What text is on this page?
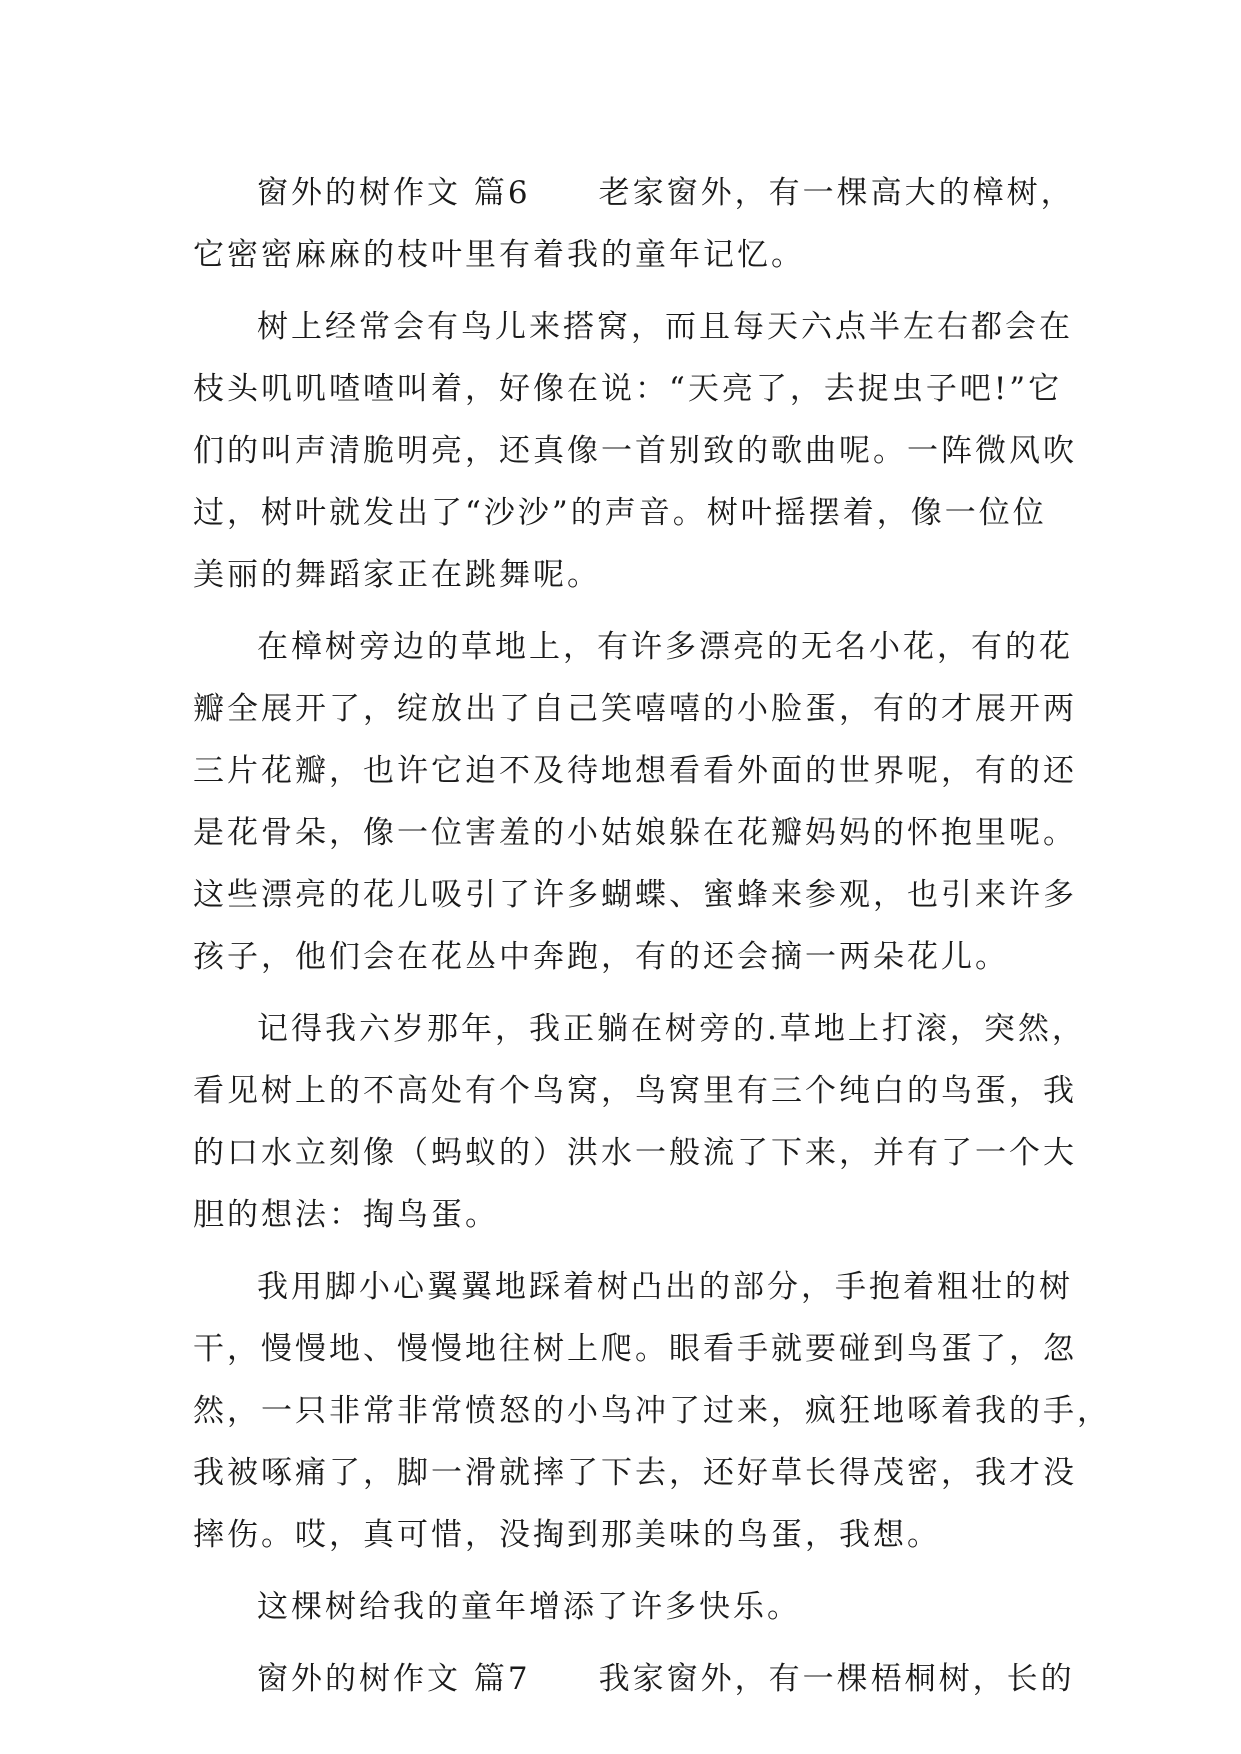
窗外的树作文 篇6　　老家窗外，有一棵高大的樟树，
它密密麻麻的枝叶里有着我的童年记忆。

树上经常会有鸟儿来搭窝，而且每天六点半左右都会在
枝头叽叽喳喳叫着，好像在说：“天亮了，去捉虫子吧!”它
们的叫声清脆明亮，还真像一首别致的歌曲呢。一阵微风吹
过，树叶就发出了“沙沙”的声音。树叶摇摆着，像一位位
美丽的舞蹈家正在跳舞呢。

在樟树旁边的草地上，有许多漂亮的无名小花，有的花
瓣全展开了，绽放出了自己笑嘻嘻的小脸蛋，有的才展开两
三片花瓣，也许它迫不及待地想看看外面的世界呢，有的还
是花骨朵，像一位害羞的小姑娘躲在花瓣妈妈的怀抱里呢。
这些漂亮的花儿吸引了许多蝴蝶、蜜蜂来参观，也引来许多
孩子，他们会在花丛中奔跑，有的还会摘一两朵花儿。

记得我六岁那年，我正躺在树旁的.草地上打滚，突然，
看见树上的不高处有个鸟窝，鸟窝里有三个纯白的鸟蛋，我
的口水立刻像（蚂蚁的）洪水一般流了下来，并有了一个大
胆的想法：掏鸟蛋。

我用脚小心翼翼地踩着树凸出的部分，手抱着粗壮的树
干，慢慢地、慢慢地往树上爬。眼看手就要碰到鸟蛋了，忽
然，一只非常非常愤怒的小鸟冲了过来，疯狂地啄着我的手，
我被啄痛了，脚一滑就摔了下去，还好草长得茂密，我才没
摔伤。哎，真可惜，没掏到那美味的鸟蛋，我想。

这棵树给我的童年增添了许多快乐。

窗外的树作文 篇7　　我家窗外，有一棵梧桐树，长的
